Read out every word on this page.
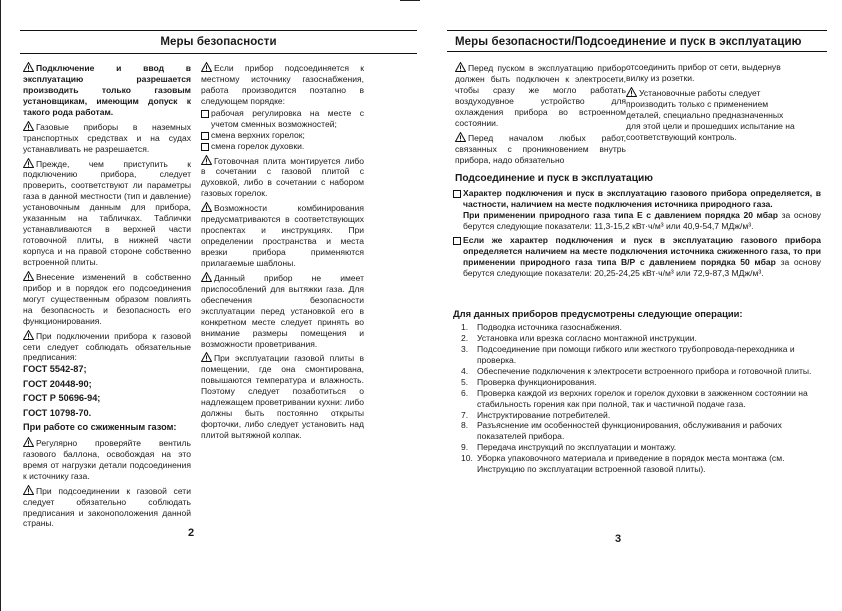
Меры безопасности

Подключение и ввод в эксплуатацию разрешается производить только газовым установщикам, имеющим допуск к такого рода работам.

Газовые приборы в наземных транспортных средствах и на судах устанавливать не разрешается.

Прежде, чем приступить к подключению прибора, следует проверить, соответствуют ли параметры газа в данной местности (тип и давление) установочным данным для прибора, указанным на табличках. Таблички устанавливаются в верхней части готовочной плиты, в нижней части корпуса и на правой стороне собственно встроенной плиты.

Внесение изменений в собственно прибор и в порядок его подсоединения могут существенным образом повлиять на безопасность и безопасность его функционирования.

При подключении прибора к газовой сети следует соблюдать обязательные предписания:

ГОСТ 5542-87;

ГОСТ 20448-90;

ГОСТ Р 50696-94;

ГОСТ 10798-70.

При работе со сжиженным газом:

Регулярно проверяйте вентиль газового баллона, освобождая на это время от нагрузки детали подсоединения к источнику газа.

При подсоединении к газовой сети следует обязательно соблюдать предписания и законоположения данной страны.

Если прибор подсоединяется к местному источнику газоснабжения, работа производится поэтапно в следующем порядке:

рабочая регулировка на месте с учетом сменных возможностей;
смена верхних горелок;
смена горелок духовки.

Готовочная плита монтируется либо в сочетании с газовой плитой с духовкой, либо в сочетании с набором газовых горелок.

Возможности комбинирования предусматриваются в соответствующих проспектах и инструкциях. При определении пространства и места врезки прибора применяются прилагаемые шаблоны.

Данный прибор не имеет приспособлений для вытяжки газа. Для обеспечения безопасности эксплуатации перед установкой его в конкретном месте следует принять во внимание размеры помещения и возможности проветривания.

При эксплуатации газовой плиты в помещении, где она смонтирована, повышаются температура и влажность. Поэтому следует позаботиться о надлежащем проветривании кухни: либо должны быть постоянно открыты форточки, либо следует установить над плитой вытяжной колпак.

2
Меры безопасности/Подсоединение и пуск в эксплуатацию

Перед пуском в эксплуатацию прибор должен быть подключен к электросети, чтобы сразу же могло работать воздуходувное устройство для охлаждения прибора во встроенном состоянии.

Перед началом любых работ, связанных с проникновением внутрь прибора, надо обязательно

отсоединить прибор от сети, выдернув вилку из розетки.

Установочные работы следует производить только с применением деталей, специально предназначенных для этой цели и прошедших испытание на соответствующий контроль.

Подсоединение и пуск в эксплуатацию
Характер подключения и пуск в эксплуатацию газового прибора определяется, в частности, наличием на месте подключения источника природного газа.
При применении природного газа типа Е с давлением порядка 20 мбар за основу берутся следующие показатели: 11,3-15,2 кВт·ч/м³ или 40,9-54,7 МДж/м³.
Если же характер подключения и пуск в эксплуатацию газового прибора определяется наличием на месте подключения источника сжиженного газа, то при применении природного газа типа В/Р с давлением порядка 50 мбар за основу берутся следующие показатели: 20,25-24,25 кВт·ч/м³ или 72,9-87,3 МДж/м³.
Для данных приборов предусмотрены следующие операции:
1. Подводка источника газоснабжения.
2. Установка или врезка согласно монтажной инструкции.
3. Подсоединение при помощи гибкого или жесткого трубопровода-переходника и проверка.
4. Обеспечение подключения к электросети встроенного прибора и готовочной плиты.
5. Проверка функционирования.
6. Проверка каждой из верхних горелок и горелок духовки в зажженном состоянии на стабильность горения как при полной, так и частичной подаче газа.
7. Инструктирование потребителей.
8. Разъяснение им особенностей функционирования, обслуживания и рабочих показателей прибора.
9. Передача инструкций по эксплуатации и монтажу.
10. Уборка упаковочного материала и приведение в порядок места монтажа (см. Инструкцию по эксплуатации встроенной газовой плиты).
3
